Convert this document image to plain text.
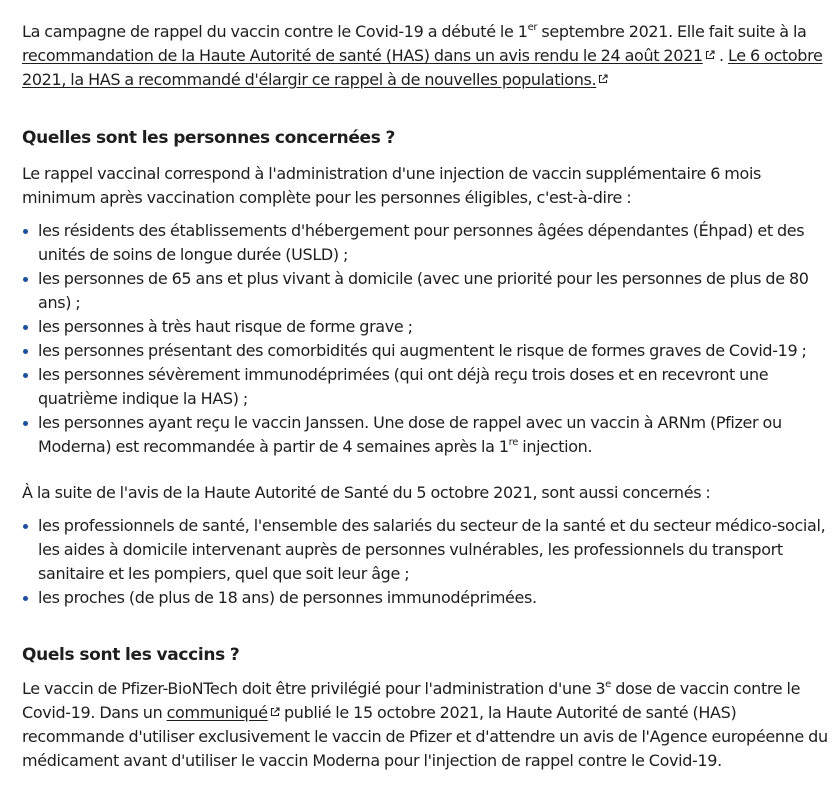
La campagne de rappel du vaccin contre le Covid-19 a débuté le 1er septembre 2021. Elle fait suite à la recommandation de la Haute Autorité de santé (HAS) dans un avis rendu le 24 août 2021 . Le 6 octobre 2021, la HAS a recommandé d'élargir ce rappel à de nouvelles populations.

Quelles sont les personnes concernées ?

Le rappel vaccinal correspond à l'administration d'une injection de vaccin supplémentaire 6 mois minimum après vaccination complète pour les personnes éligibles, c'est-à-dire :

les résidents des établissements d'hébergement pour personnes âgées dépendantes (Éhpad) et des unités de soins de longue durée (USLD) ;
les personnes de 65 ans et plus vivant à domicile (avec une priorité pour les personnes de plus de 80 ans) ;
les personnes à très haut risque de forme grave ;
les personnes présentant des comorbidités qui augmentent le risque de formes graves de Covid-19 ;
les personnes sévèrement immunodéprimées (qui ont déjà reçu trois doses et en recevront une quatrième indique la HAS) ;
les personnes ayant reçu le vaccin Janssen. Une dose de rappel avec un vaccin à ARNm (Pfizer ou Moderna) est recommandée à partir de 4 semaines après la 1re injection.

À la suite de l'avis de la Haute Autorité de Santé du 5 octobre 2021, sont aussi concernés :

les professionnels de santé, l'ensemble des salariés du secteur de la santé et du secteur médico-social, les aides à domicile intervenant auprès de personnes vulnérables, les professionnels du transport sanitaire et les pompiers, quel que soit leur âge ;
les proches (de plus de 18 ans) de personnes immunodéprimées.
Quels sont les vaccins ?

Le vaccin de Pfizer-BioNTech doit être privilégié pour l'administration d'une 3e dose de vaccin contre le Covid-19. Dans un communiqué publié le 15 octobre 2021, la Haute Autorité de santé (HAS) recommande d'utiliser exclusivement le vaccin de Pfizer et d'attendre un avis de l'Agence européenne du médicament avant d'utiliser le vaccin Moderna pour l'injection de rappel contre le Covid-19.
